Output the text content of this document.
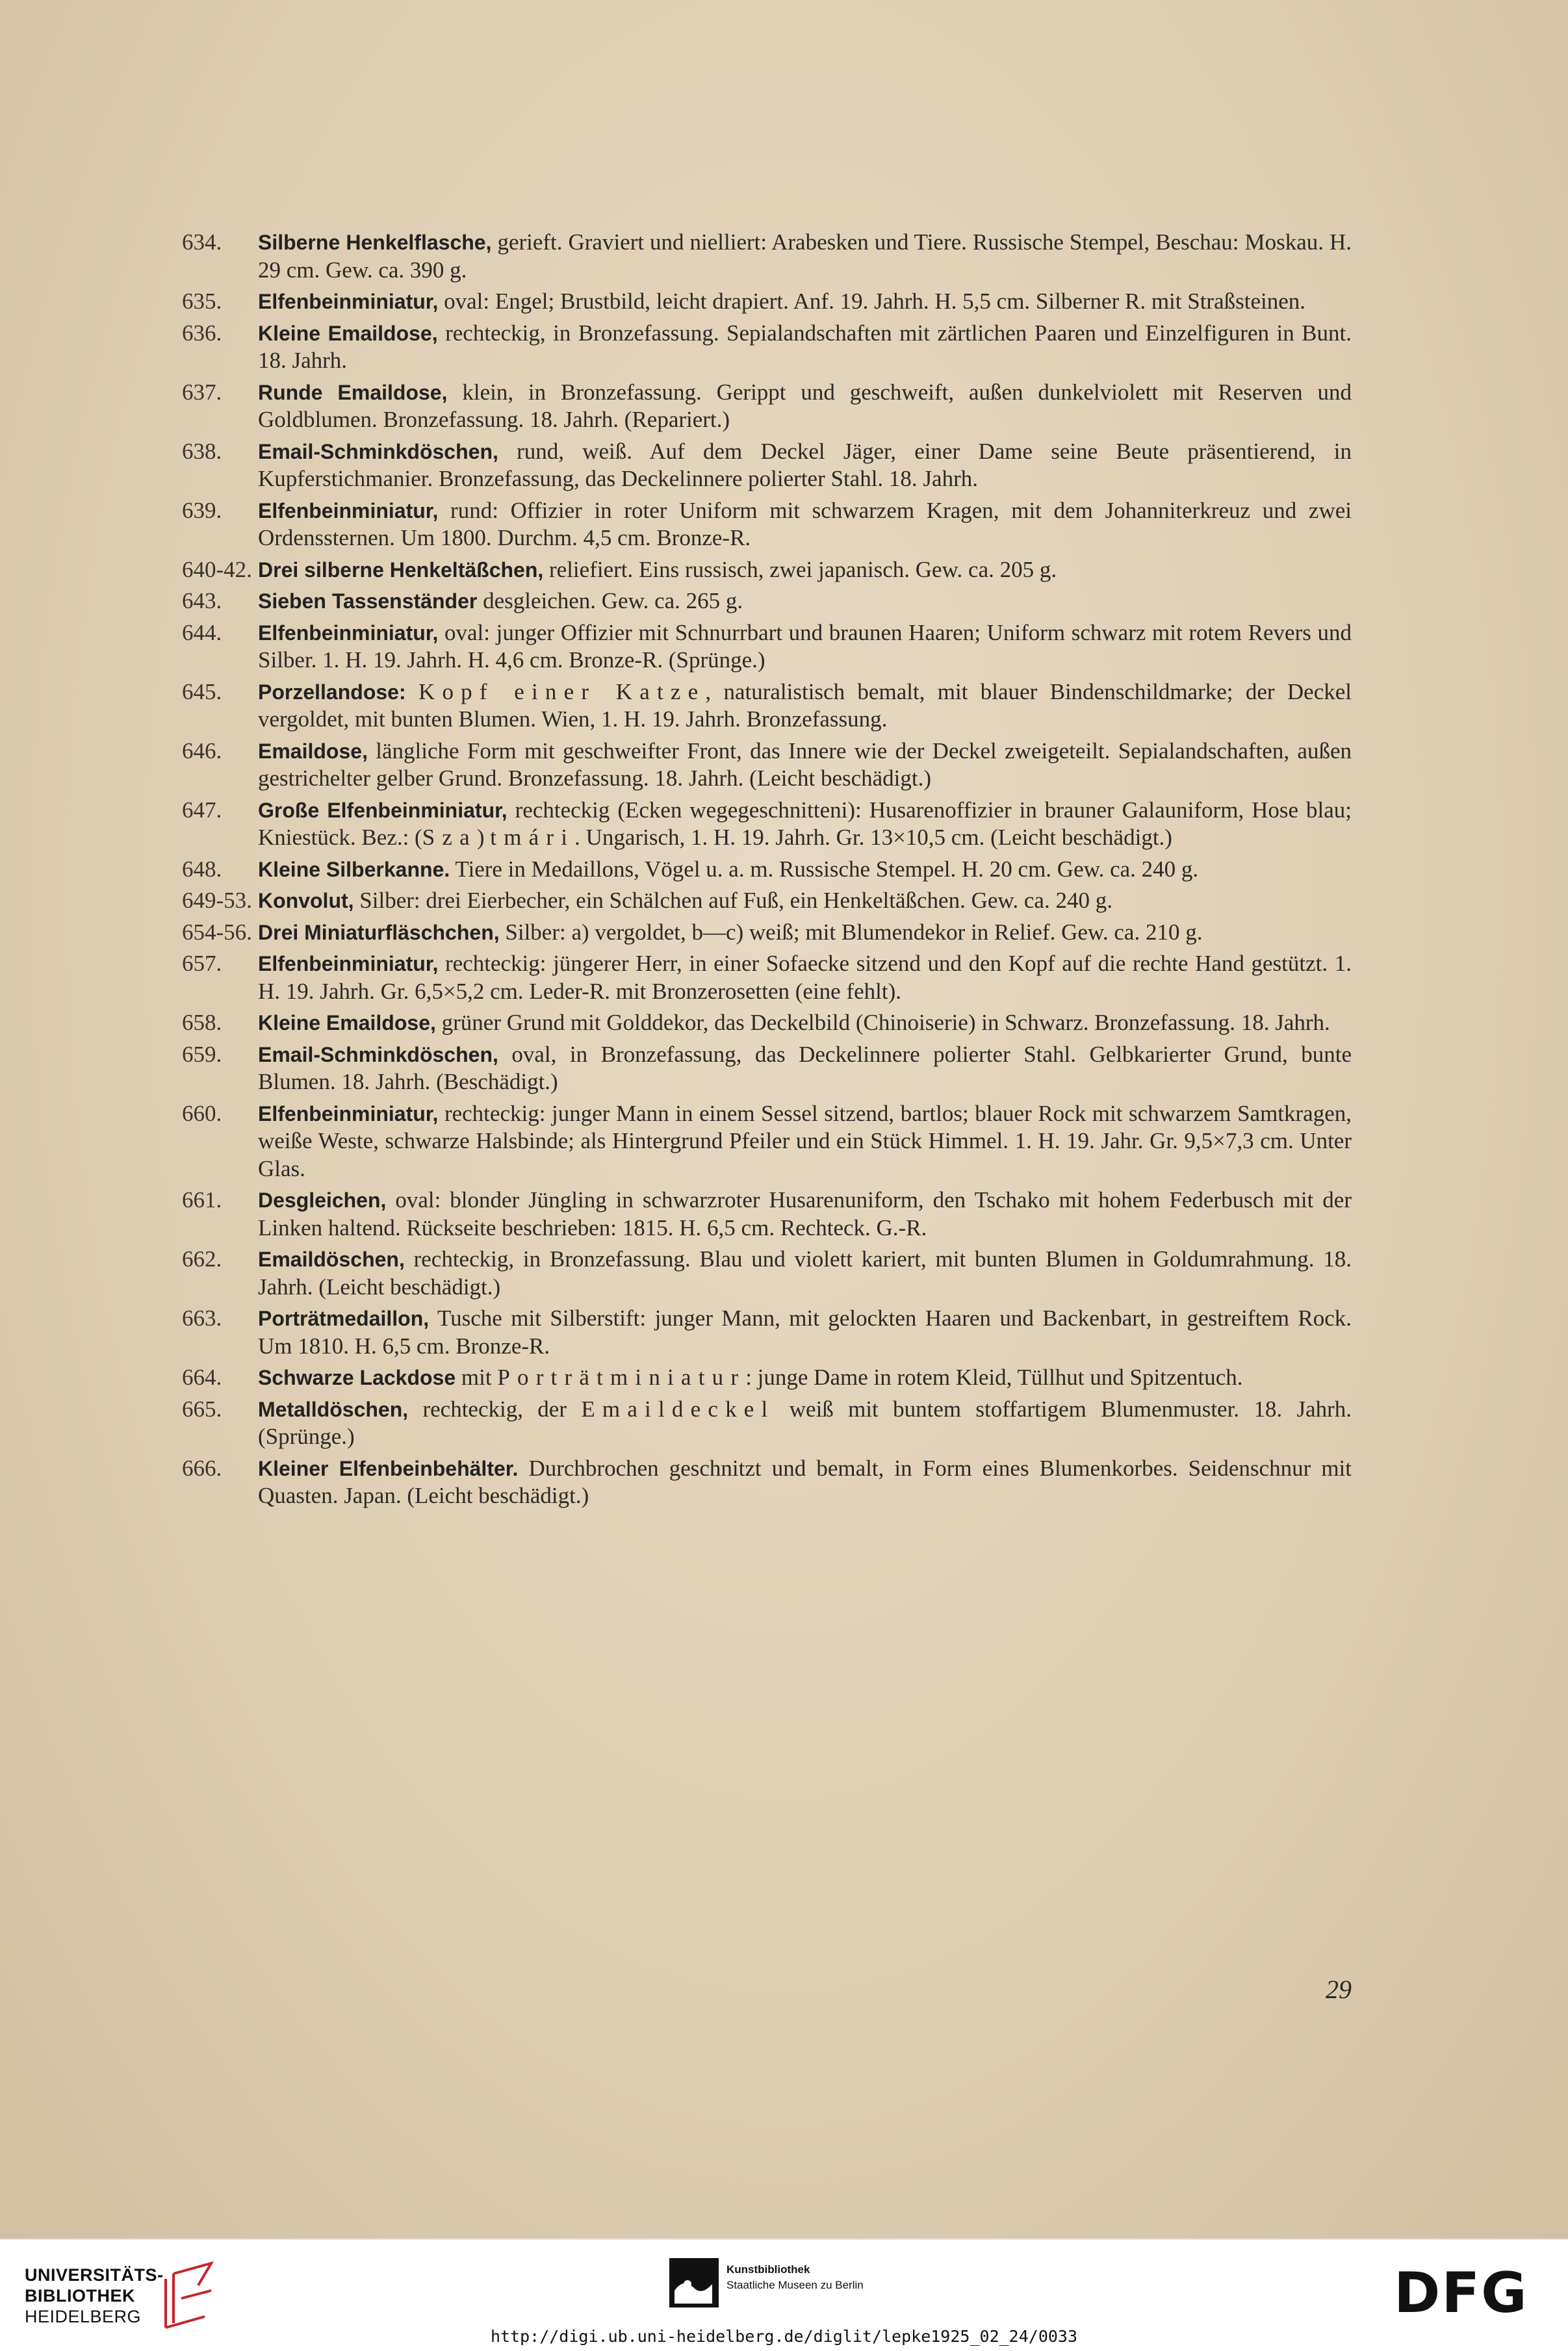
634. Silberne Henkelflasche, gerieft. Graviert und nielliert: Arabesken und Tiere. Russische Stempel, Beschau: Moskau. H. 29 cm. Gew. ca. 390 g.
635. Elfenbeinminiatur, oval: Engel; Brustbild, leicht drapiert. Anf. 19. Jahrh. H. 5,5 cm. Silberner R. mit Straßsteinen.
636. Kleine Emaildose, rechteckig, in Bronzefassung. Sepialandschaften mit zärtlichen Paaren und Einzelfiguren in Bunt. 18. Jahrh.
637. Runde Emaildose, klein, in Bronzefassung. Gerippt und geschweift, außen dunkelviolett mit Reserven und Goldblumen. Bronzefassung. 18. Jahrh. (Repariert.)
638. Email-Schminkdöschen, rund, weiß. Auf dem Deckel Jäger, einer Dame seine Beute präsentierend, in Kupferstichmanier. Bronzefassung, das Deckelinnere polierter Stahl. 18. Jahrh.
639. Elfenbeinminiatur, rund: Offizier in roter Uniform mit schwarzem Kragen, mit dem Johanniterkreuz und zwei Ordenssternen. Um 1800. Durchm. 4,5 cm. Bronze-R.
640-42. Drei silberne Henkeltäßchen, reliefiert. Eins russisch, zwei japanisch. Gew. ca. 205 g.
643. Sieben Tassenständer desgleichen. Gew. ca. 265 g.
644. Elfenbeinminiatur, oval: junger Offizier mit Schnurrbart und braunen Haaren; Uniform schwarz mit rotem Revers und Silber. 1. H. 19. Jahrh. H. 4,6 cm. Bronze-R. (Sprünge.)
645. Porzellandose: Kopf einer Katze, naturalistisch bemalt, mit blauer Bindenschildmarke; der Deckel vergoldet, mit bunten Blumen. Wien, 1. H. 19. Jahrh. Bronzefassung.
646. Emaildose, längliche Form mit geschweifter Front, das Innere wie der Deckel zweigeteilt. Sepialandschaften, außen gestrichelter gelber Grund. Bronzefassung. 18. Jahrh. (Leicht beschädigt.)
647. Große Elfenbeinminiatur, rechteckig (Ecken wegegeschnitteni): Husarenoffizier in brauner Galauniform, Hose blau; Kniestück. Bez.: (Sza) tmári. Ungarisch, 1. H. 19. Jahrh. Gr. 13×10,5 cm. (Leicht beschädigt.)
648. Kleine Silberkanne. Tiere in Medaillons, Vögel u. a. m. Russische Stempel. H. 20 cm. Gew. ca. 240 g.
649-53. Konvolut, Silber: drei Eierbecher, ein Schälchen auf Fuß, ein Henkeltäßchen. Gew. ca. 240 g.
654-56. Drei Miniaturfläschchen, Silber: a) vergoldet, b—c) weiß; mit Blumendekor in Relief. Gew. ca. 210 g.
657. Elfenbeinminiatur, rechteckig: jüngerer Herr, in einer Sofaecke sitzend und den Kopf auf die rechte Hand gestützt. 1. H. 19. Jahrh. Gr. 6,5×5,2 cm. Leder-R. mit Bronzerosetten (eine fehlt).
658. Kleine Emaildose, grüner Grund mit Golddekor, das Deckelbild (Chinoiserie) in Schwarz. Bronzefassung. 18. Jahrh.
659. Email-Schminkdöschen, oval, in Bronzefassung, das Deckelinnere polierter Stahl. Gelbkarierter Grund, bunte Blumen. 18. Jahrh. (Beschädigt.)
660. Elfenbeinminiatur, rechteckig: junger Mann in einem Sessel sitzend, bartlos; blauer Rock mit schwarzem Samtkragen, weiße Weste, schwarze Halsbinde; als Hintergrund Pfeiler und ein Stück Himmel. 1. H. 19. Jahr. Gr. 9,5×7,3 cm. Unter Glas.
661. Desgleichen, oval: blonder Jüngling in schwarzroter Husarenuniform, den Tschako mit hohem Federbusch mit der Linken haltend. Rückseite beschrieben: 1815. H. 6,5 cm. Rechteck. G.-R.
662. Emaildöschen, rechteckig, in Bronzefassung. Blau und violett kariert, mit bunten Blumen in Goldumrahmung. 18. Jahrh. (Leicht beschädigt.)
663. Porträtmedaillon, Tusche mit Silberstift: junger Mann, mit gelockten Haaren und Backenbart, in gestreiftem Rock. Um 1810. H. 6,5 cm. Bronze-R.
664. Schwarze Lackdose mit Porträtminiatur: junge Dame in rotem Kleid, Tüllhut und Spitzentuch.
665. Metalldöschen, rechteckig, der Emaildeckel weiß mit buntem stoffartigem Blumenmuster. 18. Jahrh. (Sprünge.)
666. Kleiner Elfenbeinbehälter. Durchbrochen geschnitzt und bemalt, in Form eines Blumenkorbes. Seidenschnur mit Quasten. Japan. (Leicht beschädigt.)
29
UNIVERSITÄTS-
BIBLIOTHEK
HEIDELBERG
Kunstbibliothek
Staatliche Museen zu Berlin	DFG
http://digi.ub.uni-heidelberg.de/diglit/lepke1925_02_24/0033
